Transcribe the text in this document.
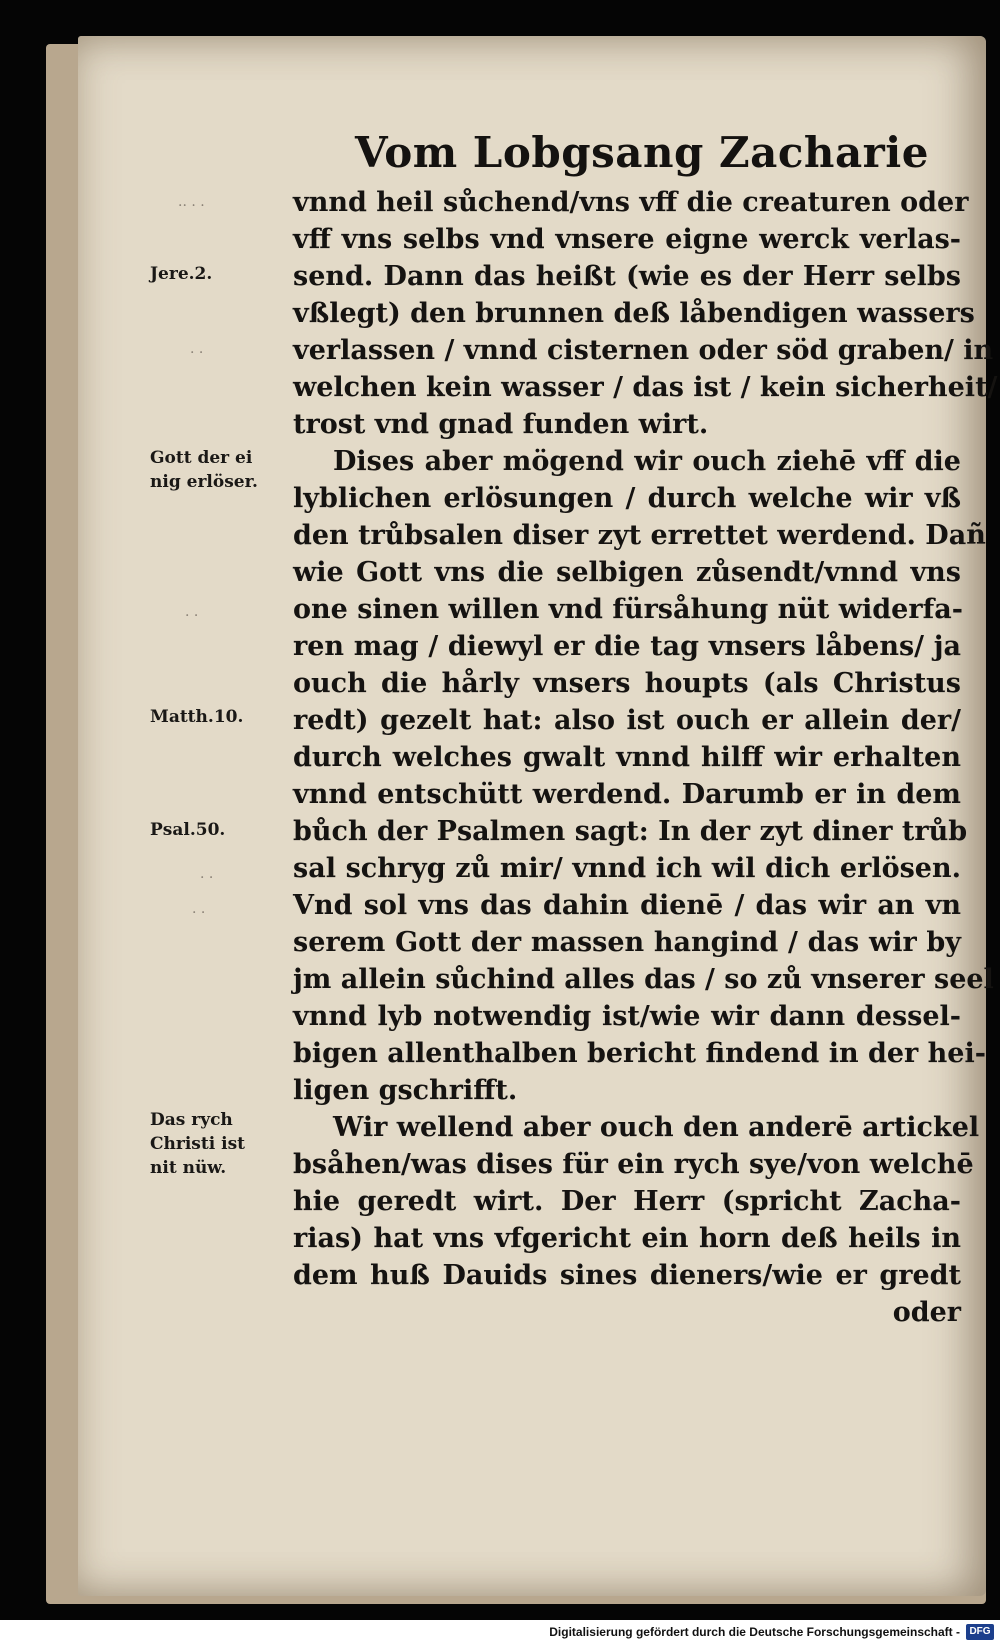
Vom Lobgsang Zacharie
·· · ·
· ·
· ·
· ·
· ·
Jere.2.
Gott der ei
nig erlöser.
Matth.10.
Psal.50.
Das rych
Christi ist
nit nüw.
vnnd heil sůchend/vns vff die creaturen oder
vff vns selbs vnd vnsere eigne werck verlas-
send. Dann das heißt (wie es der Herr selbs
vßlegt) den brunnen deß låbendigen wassers
verlassen / vnnd cisternen oder söd graben/ in
welchen kein wasser / das ist / kein sicherheit/
trost vnd gnad funden wirt.
Dises aber mögend wir ouch ziehē vff die
lyblichen erlösungen / durch welche wir vß
den trůbsalen diser zyt errettet werdend. Dañ
wie Gott vns die selbigen zůsendt/vnnd vns
one sinen willen vnd fürsåhung nüt widerfa-
ren mag / diewyl er die tag vnsers låbens/ ja
ouch die hårly vnsers houpts (als Christus
redt) gezelt hat: also ist ouch er allein der/
durch welches gwalt vnnd hilff wir erhalten
vnnd entschütt werdend. Darumb er in dem
bůch der Psalmen sagt: In der zyt diner trůb
sal schryg zů mir/ vnnd ich wil dich erlösen.
Vnd sol vns das dahin dienē / das wir an vn
serem Gott der massen hangind / das wir by
jm allein sůchind alles das / so zů vnserer seel
vnnd lyb notwendig ist/wie wir dann dessel-
bigen allenthalben bericht findend in der hei-
ligen gschrifft.
Wir wellend aber ouch den anderē artickel
bsåhen/was dises für ein rych sye/von welchē
hie geredt wirt. Der Herr (spricht Zacha-
rias) hat vns vfgericht ein horn deß heils in
dem huß Dauids sines dieners/wie er gredt
oder
Digitalisierung gefördert durch die Deutsche Forschungsgemeinschaft - DFG
